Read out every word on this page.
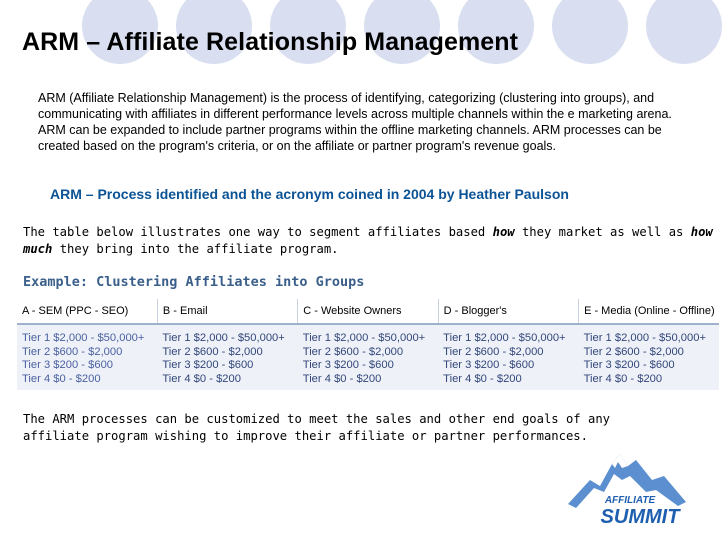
ARM – Affiliate Relationship Management

ARM (Affiliate Relationship Management) is the process of identifying, categorizing (clustering into groups), and communicating with affiliates in different performance levels across multiple channels within the e marketing arena. ARM can be expanded to include partner programs within the offline marketing channels. ARM processes can be created based on the program's criteria, or on the affiliate or partner program's revenue goals.

ARM – Process identified and the acronym coined in 2004 by Heather Paulson

The table below illustrates one way to segment affiliates based how they market as well as how much they bring into the affiliate program.

Example: Clustering Affiliates into Groups
A - SEM (PPC - SEO)	B - Email	C - Website Owners	D - Blogger's	E - Media (Online - Offline)

Tier 1 $2,000 - $50,000+
Tier 2 $600 - $2,000
Tier 3 $200 - $600
Tier 4 $0 - $200	Tier 1 $2,000 - $50,000+
Tier 2 $600 - $2,000
Tier 3 $200 - $600
Tier 4 $0 - $200	Tier 1 $2,000 - $50,000+
Tier 2 $600 - $2,000
Tier 3 $200 - $600
Tier 4 $0 - $200	Tier 1 $2,000 - $50,000+
Tier 2 $600 - $2,000
Tier 3 $200 - $600
Tier 4 $0 - $200	Tier 1 $2,000 - $50,000+
Tier 2 $600 - $2,000
Tier 3 $200 - $600
Tier 4 $0 - $200

The ARM processes can be customized to meet the sales and other end goals of any affiliate program wishing to improve their affiliate or partner performances.

AFFILIATE
SUMMIT
